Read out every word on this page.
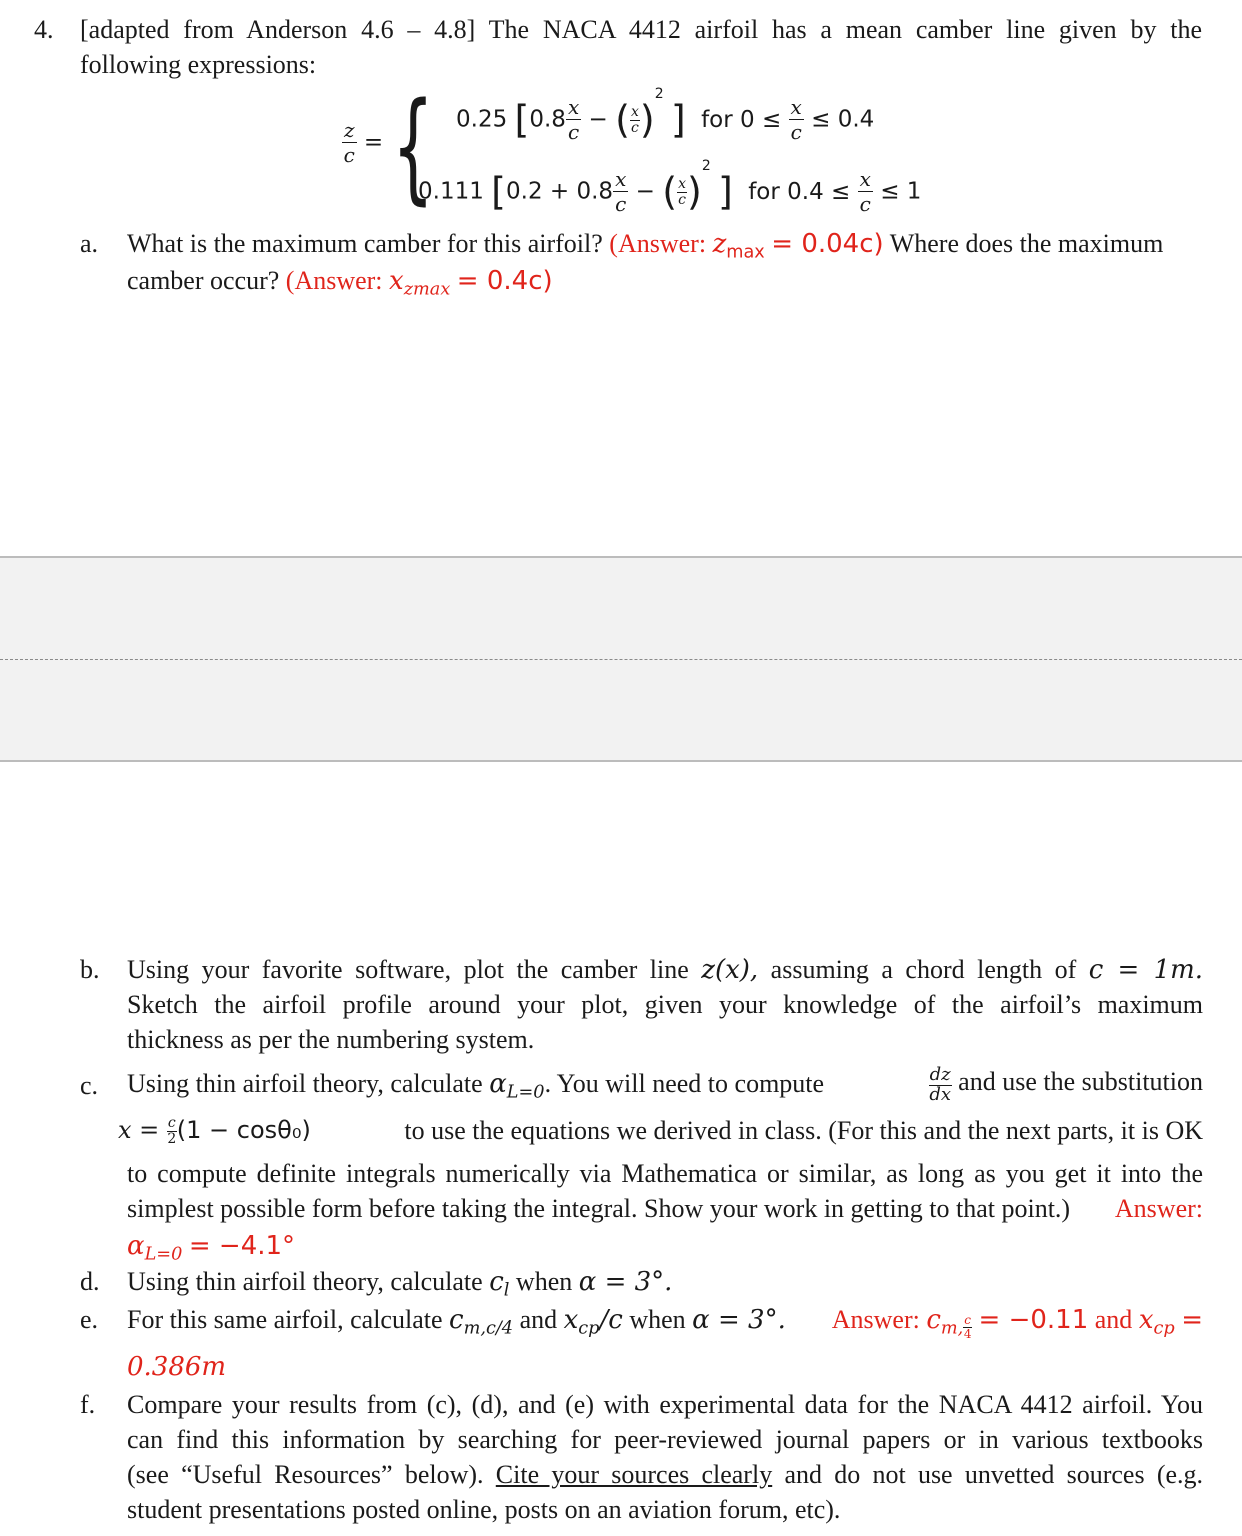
4. [adapted from Anderson 4.6 – 4.8] The NACA 4412 airfoil has a mean camber line given by the
following expressions:
$\frac{z}{c}$ = { 0.25 [$0.8 \frac{x}{c}$ − ( $\frac{x}{c} )^2$ ] for $0 \le \frac{x}{c} \le 0.4$
0.111 [$0.2 + 0.8 \frac{x}{c}$ − ( $\frac{x}{c} )^2$ ] for $0.4 \le \frac{x}{c} \le 1$
a. What is the maximum camber for this airfoil? (Answer: $z_{max} = 0.04c$) Where does the maximum
camber occur? (Answer: $x_{zmax} = 0.4c$)
b. Using your favorite software, plot the camber line z(x), assuming a chord length of c = 1m.
Sketch the airfoil profile around your plot, given your knowledge of the airfoil’s maximum
thickness as per the numbering system.
c. Using thin airfoil theory, calculate $\alpha_{L=0}$. You will need to compute	$\frac{dz}{dx}$ and use the substitution
$x = \frac{c}{2} (1 - \cos\theta_0)$	to use the equations we derived in class. (For this and the next parts, it is OK
to compute definite integrals numerically via Mathematica or similar, as long as you get it into the
simplest possible form before taking the integral. Show your work in getting to that point.) Answer:
$\alpha_{L=0} = -4.1^\circ$
d. Using thin airfoil theory, calculate $c_l$ when α = 3°.
e. For this same airfoil, calculate $c_{m,c/4}$ and $x_{cp}/c$ when α = 3°. Answer: $c_{m,} \frac{c}{4} = -0.11$ and $x_{cp}$ =
0.386m
f. Compare your results from (c), (d), and (e) with experimental data for the NACA 4412 airfoil. You
can find this information by searching for peer-reviewed journal papers or in various textbooks
(see “Useful Resources” below). Cite your sources clearly and do not use unvetted sources (e.g.
student presentations posted online, posts on an aviation forum, etc).
